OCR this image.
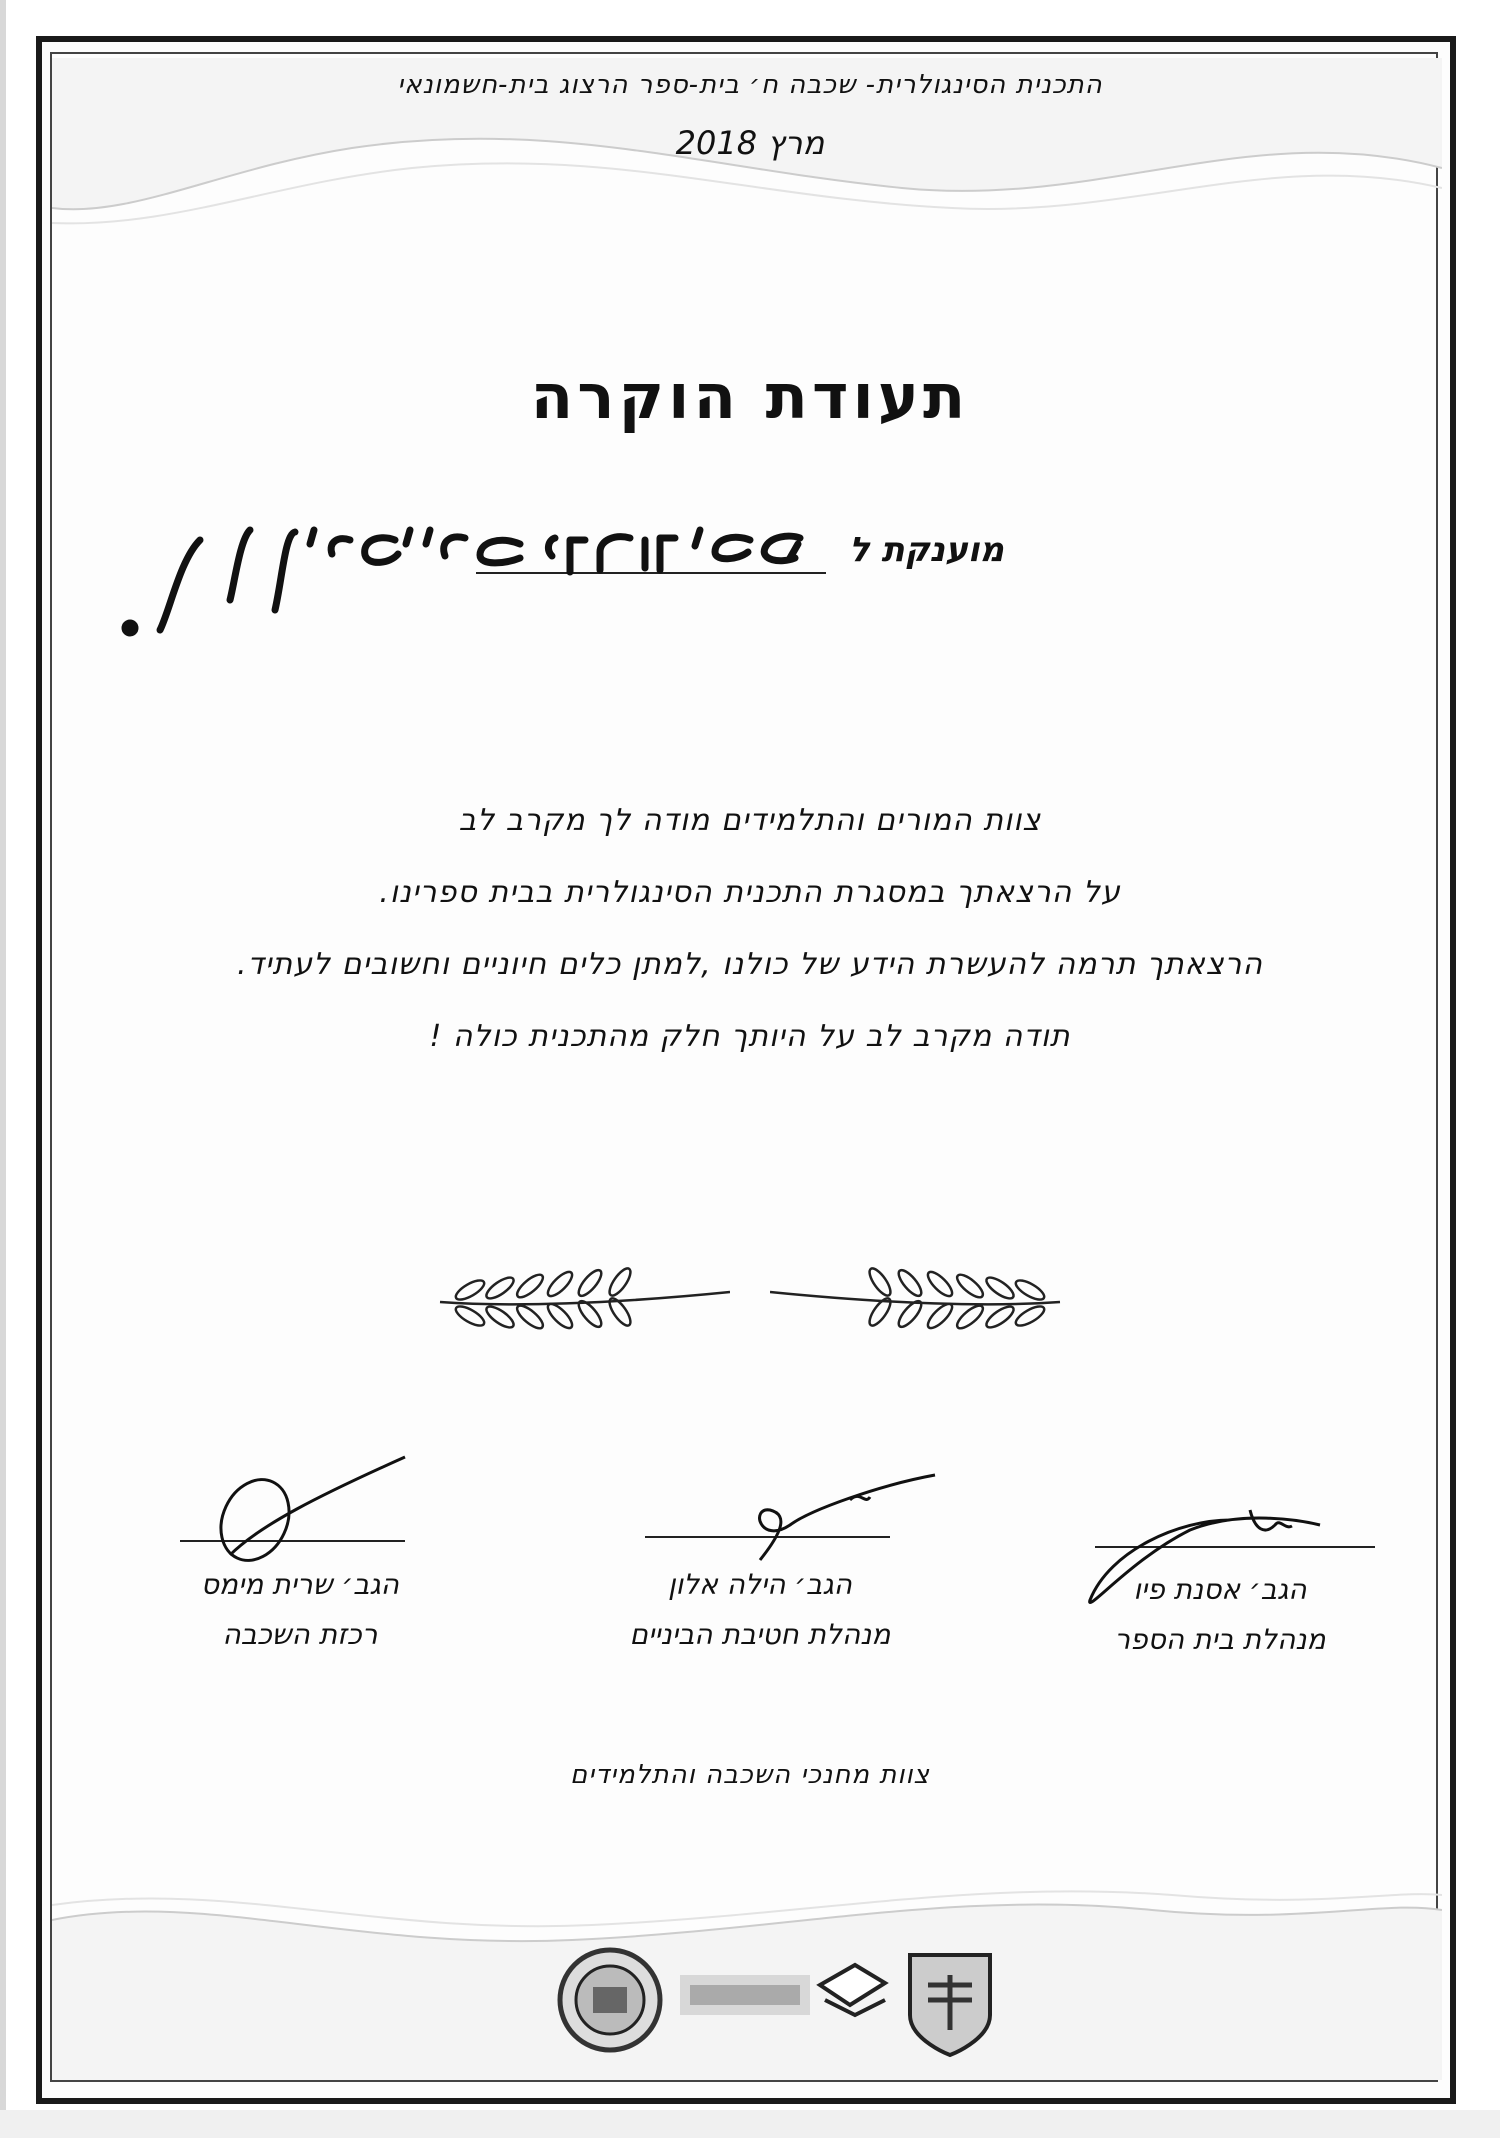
התכנית הסינגולרית- שכבה ח׳ בית-ספר הרצוג בית-חשמונאי
מרץ 2018
תעודת הוקרה
מוענקת ל
צוות המורים והתלמידים מודה לך מקרב לב
על הרצאתך במסגרת התכנית הסינגולרית בבית ספרינו.
הרצאתך תרמה להעשרת הידע של כולנו ,למתן כלים חיוניים וחשובים לעתיד.
תודה מקרב לב על היותך חלק מהתכנית כולה !
הגב׳ אסנת פיו
מנהלת בית הספר
הגב׳ הילה אלון
מנהלת חטיבת הביניים
הגב׳ שרית מימס
רכזת השכבה
צוות מחנכי השכבה והתלמידים
